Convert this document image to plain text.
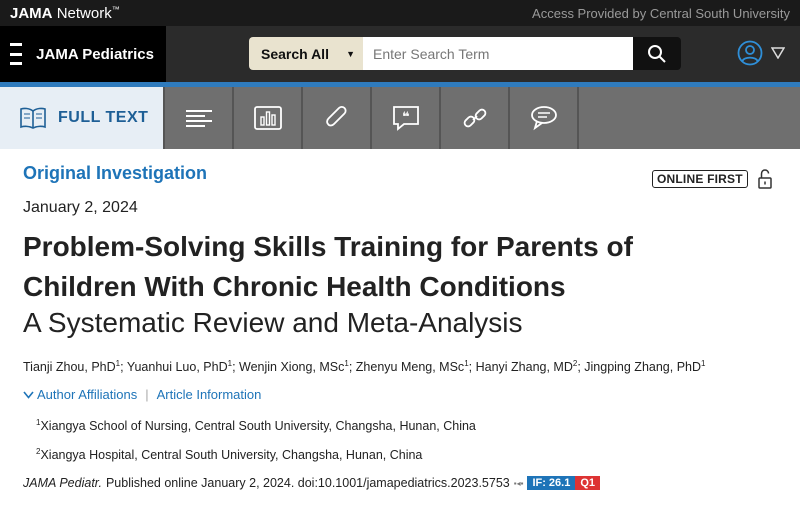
JAMA Network™	Access Provided by Central South University
JAMA Pediatrics	Search All ▼
Enter Search Term
FULL TEXT	❝
Original Investigation	ONLINE FIRST
January 2, 2024
Problem-Solving Skills Training for Parents of
Children With Chronic Health Conditions
A Systematic Review and Meta-Analysis
Tianji Zhou, PhD$^1$; Yuanhui Luo, PhD$^1$; Wenjin Xiong, MSc$^1$; Zhenyu Meng, MSc$^1$; Hanyi Zhang, $MD^2$; Jingping Zhang, PhD$^1$
Author Affiliations | Article Information
$^1$Xiangya School of Nursing, Central South University, Changsha, Hunan, China
$^2$Xiangya Hospital, Central South University, Changsha, Hunan, China
JAMA Pediatr. Published online January 2, 2024. doi:10.1001/jamapediatrics.2023.5753 ▪◂▪ IF: 26.1 Q1
